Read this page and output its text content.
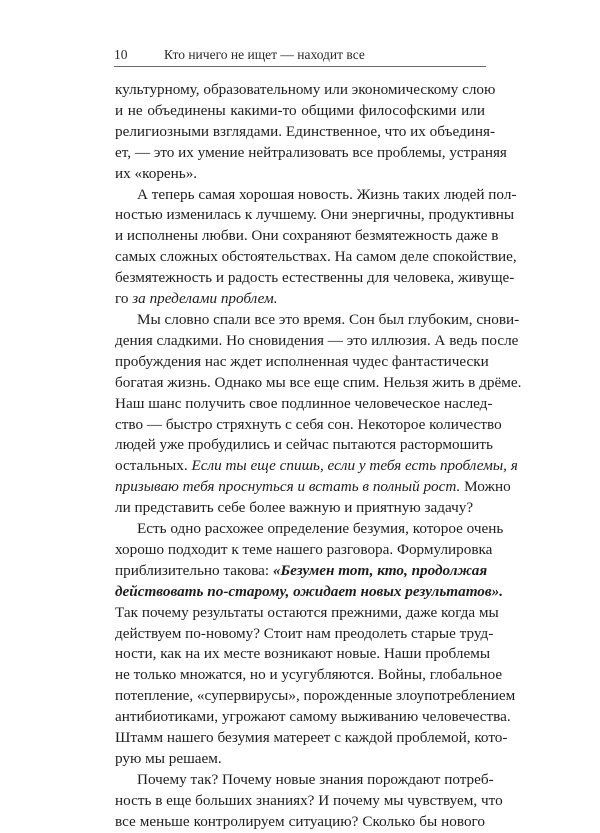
10	Кто ничего не ищет — находит все
культурному, образовательному или экономическому слою
и не объединены какими-то общими философскими или
религиозными взглядами. Единственное, что их объединя-
ет, — это их умение нейтрализовать все проблемы, устраняя
их «корень».
А теперь самая хорошая новость. Жизнь таких людей пол-
ностью изменилась к лучшему. Они энергичны, продуктивны
и исполнены любви. Они сохраняют безмятежность даже в
самых сложных обстоятельствах. На самом деле спокойствие,
безмятежность и радость естественны для человека, живуще-
го за пределами проблем.
Мы словно спали все это время. Сон был глубоким, снови-
дения сладкими. Но сновидения — это иллюзия. А ведь после
пробуждения нас ждет исполненная чудес фантастически
богатая жизнь. Однако мы все еще спим. Нельзя жить в дрёме.
Наш шанс получить свое подлинное человеческое наслед-
ство — быстро стряхнуть с себя сон. Некоторое количество
людей уже пробудились и сейчас пытаются растормошить
остальных. Если ты еще спишь, если у тебя есть проблемы, я
призываю тебя проснуться и встать в полный рост. Можно
ли представить себе более важную и приятную задачу?
Есть одно расхожее определение безумия, которое очень
хорошо подходит к теме нашего разговора. Формулировка
приблизительно такова: «Безумен тот, кто, продолжая
действовать по-старому, ожидает новых результатов».
Так почему результаты остаются прежними, даже когда мы
действуем по-новому? Стоит нам преодолеть старые труд-
ности, как на их месте возникают новые. Наши проблемы
не только множатся, но и усугубляются. Войны, глобальное
потепление, «супервирусы», порожденные злоупотреблением
антибиотиками, угрожают самому выживанию человечества.
Штамм нашего безумия матереет с каждой проблемой, кото-
рую мы решаем.
Почему так? Почему новые знания порождают потреб-
ность в еще больших знаниях? И почему мы чувствуем, что
все меньше контролируем ситуацию? Сколько бы нового
